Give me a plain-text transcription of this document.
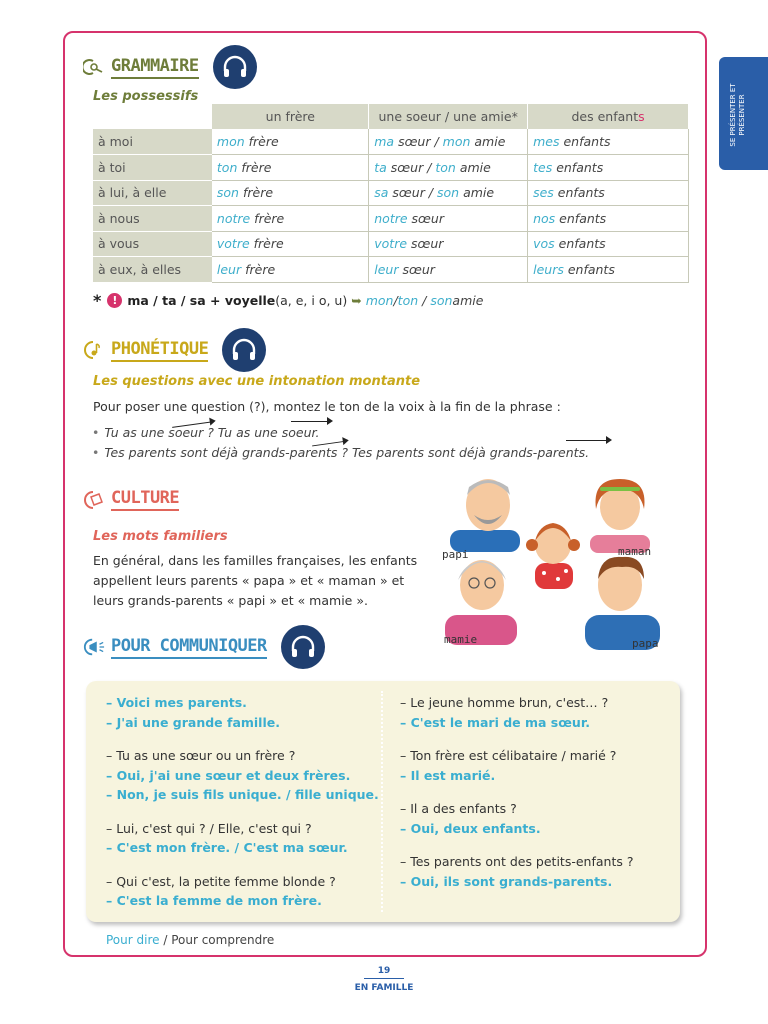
SE PRÉSENTER ET PRÉSENTER
GRAMMAIRE
Les possessifs
	un frère	une soeur / une amie*	des enfants
à moi	mon frère	ma sœur / mon amie	mes enfants
à toi	ton frère	ta sœur / ton amie	tes enfants
à lui, à elle	son frère	sa sœur / son amie	ses enfants
à nous	notre frère	notre sœur	nos enfants
à vous	votre frère	votre sœur	vos enfants
à eux, à elles	leur frère	leur sœur	leurs enfants
* ! ma / ta / sa + voyelle (a, e, i o, u) ➥ mon / ton / son amie
PHONÉTIQUE
Les questions avec une intonation montante
Pour poser une question (?), montez le ton de la voix à la fin de la phrase :
• Tu as une soeur ? Tu as une soeur.
• Tes parents sont déjà grands-parents ? Tes parents sont déjà grands-parents.
CULTURE
Les mots familiers
En général, dans les familles françaises, les enfants
appellent leurs parents « papa » et « maman » et
leurs grands-parents « papi » et « mamie ».
papi	maman
mamie	papa
POUR COMMUNIQUER
– Voici mes parents.
– J'ai une grande famille.
– Tu as une sœur ou un frère ?
– Oui, j'ai une sœur et deux frères.
– Non, je suis fils unique. / fille unique.
– Lui, c'est qui ? / Elle, c'est qui ?
– C'est mon frère. / C'est ma sœur.
– Qui c'est, la petite femme blonde ?
– C'est la femme de mon frère.
– Le jeune homme brun, c'est… ?
– C'est le mari de ma sœur.
– Ton frère est célibataire / marié ?
– Il est marié.
– Il a des enfants ?
– Oui, deux enfants.
– Tes parents ont des petits-enfants ?
– Oui, ils sont grands-parents.
Pour dire / Pour comprendre
19
EN FAMILLE
